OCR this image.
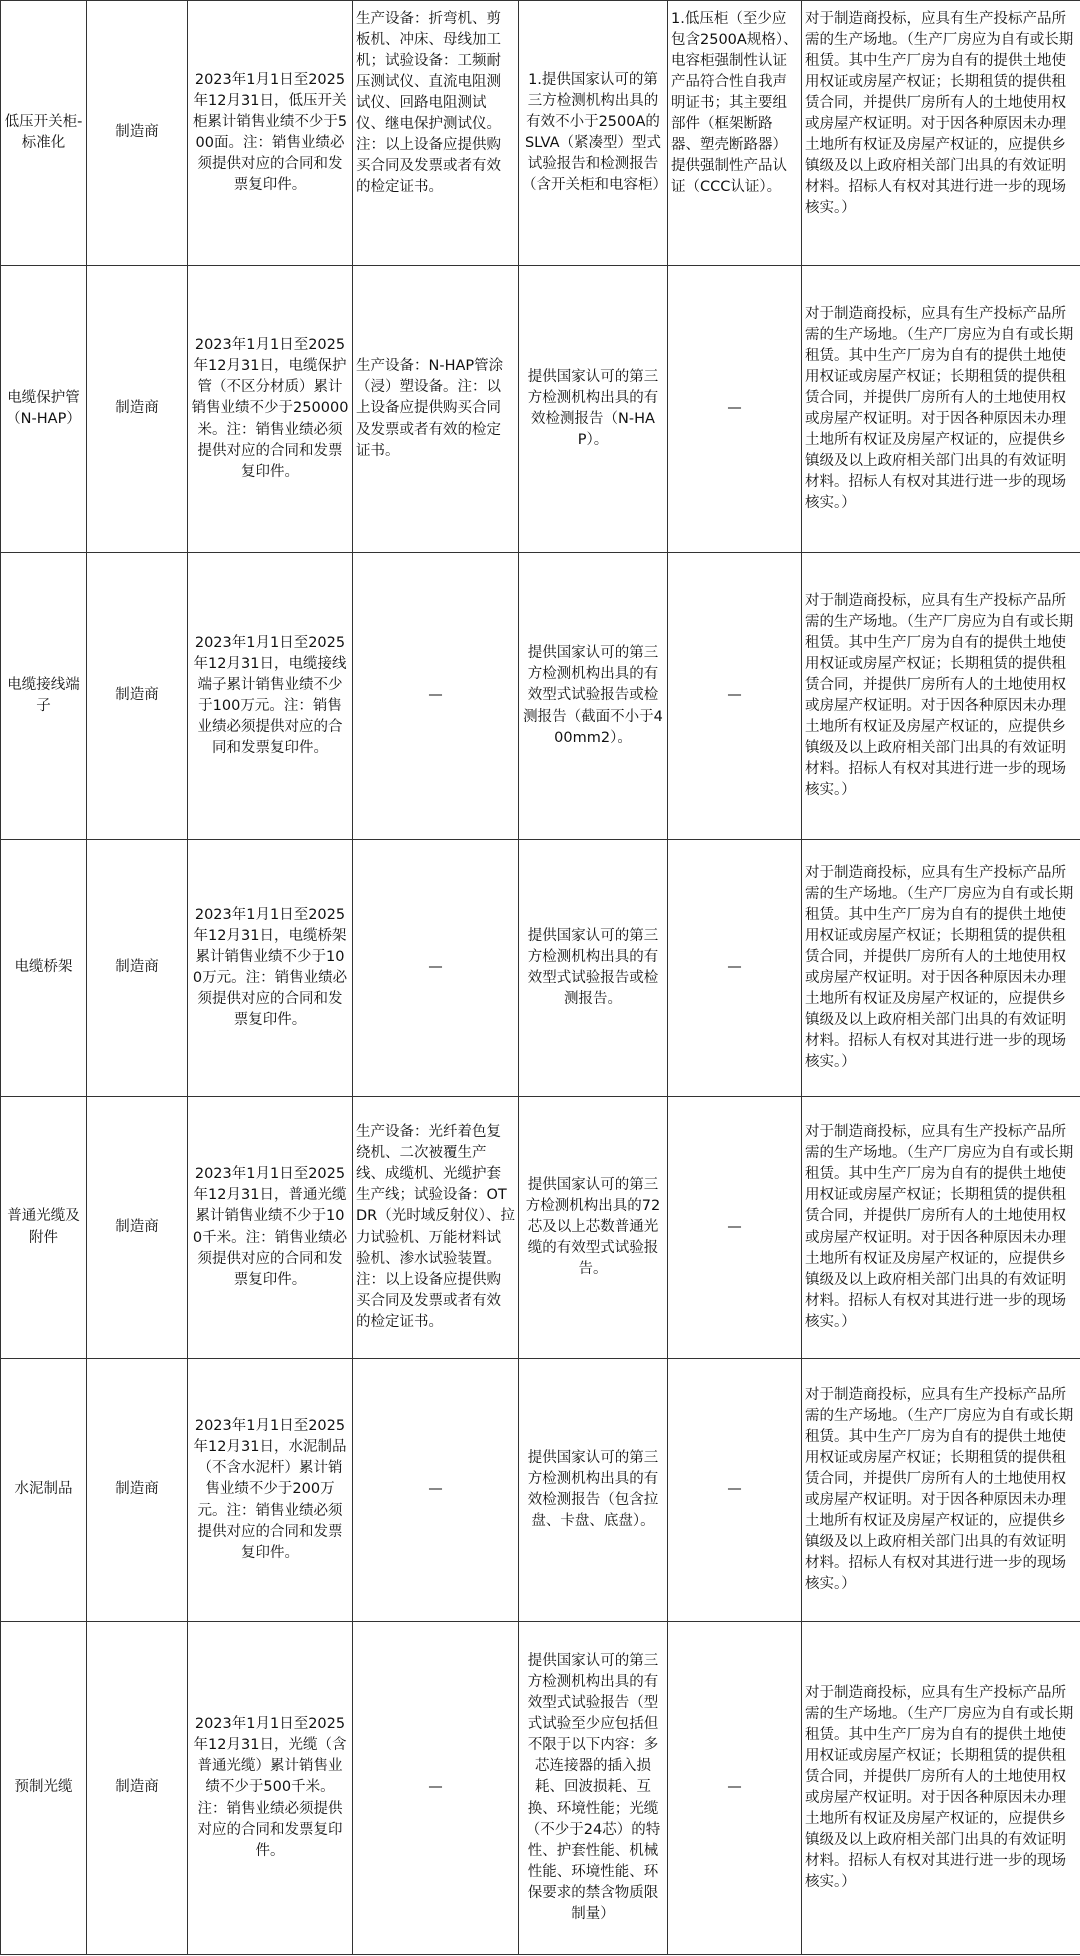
低压开关柜-标准化	制造商	2023年1月1日至2025年12月31日，低压开关柜累计销售业绩不少于500面。注：销售业绩必须提供对应的合同和发票复印件。	生产设备：折弯机、剪板机、冲床、母线加工机；试验设备：工频耐压测试仪、直流电阻测试仪、回路电阻测试仪、继电保护测试仪。注：以上设备应提供购买合同及发票或者有效的检定证书。	1.提供国家认可的第三方检测机构出具的有效不小于2500A的SLVA（紧凑型）型式试验报告和检测报告（含开关柜和电容柜）	1.低压柜（至少应包含2500A规格）、电容柜强制性认证产品符合性自我声明证书；其主要组部件（框架断路器、塑壳断路器）提供强制性产品认证（CCC认证）。	对于制造商投标，应具有生产投标产品所需的生产场地。（生产厂房应为自有或长期租赁。其中生产厂房为自有的提供土地使用权证或房屋产权证；长期租赁的提供租赁合同，并提供厂房所有人的土地使用权或房屋产权证明。对于因各种原因未办理土地所有权证及房屋产权证的，应提供乡镇级及以上政府相关部门出具的有效证明材料。招标人有权对其进行进一步的现场核实。）
电缆保护管（N-HAP）	制造商	2023年1月1日至2025年12月31日，电缆保护管（不区分材质）累计销售业绩不少于250000米。注：销售业绩必须提供对应的合同和发票复印件。	生产设备：N-HAP管涂（浸）塑设备。注：以上设备应提供购买合同及发票或者有效的检定证书。	提供国家认可的第三方检测机构出具的有效检测报告（N-HAP）。	—	对于制造商投标，应具有生产投标产品所需的生产场地。（生产厂房应为自有或长期租赁。其中生产厂房为自有的提供土地使用权证或房屋产权证；长期租赁的提供租赁合同，并提供厂房所有人的土地使用权或房屋产权证明。对于因各种原因未办理土地所有权证及房屋产权证的，应提供乡镇级及以上政府相关部门出具的有效证明材料。招标人有权对其进行进一步的现场核实。）
电缆接线端子	制造商	2023年1月1日至2025年12月31日，电缆接线端子累计销售业绩不少于100万元。注：销售业绩必须提供对应的合同和发票复印件。	—	提供国家认可的第三方检测机构出具的有效型式试验报告或检测报告（截面不小于400mm2）。	—	对于制造商投标，应具有生产投标产品所需的生产场地。（生产厂房应为自有或长期租赁。其中生产厂房为自有的提供土地使用权证或房屋产权证；长期租赁的提供租赁合同，并提供厂房所有人的土地使用权或房屋产权证明。对于因各种原因未办理土地所有权证及房屋产权证的，应提供乡镇级及以上政府相关部门出具的有效证明材料。招标人有权对其进行进一步的现场核实。）
电缆桥架	制造商	2023年1月1日至2025年12月31日，电缆桥架累计销售业绩不少于100万元。注：销售业绩必须提供对应的合同和发票复印件。	—	提供国家认可的第三方检测机构出具的有效型式试验报告或检测报告。	—	对于制造商投标，应具有生产投标产品所需的生产场地。（生产厂房应为自有或长期租赁。其中生产厂房为自有的提供土地使用权证或房屋产权证；长期租赁的提供租赁合同，并提供厂房所有人的土地使用权或房屋产权证明。对于因各种原因未办理土地所有权证及房屋产权证的，应提供乡镇级及以上政府相关部门出具的有效证明材料。招标人有权对其进行进一步的现场核实。）
普通光缆及附件	制造商	2023年1月1日至2025年12月31日，普通光缆累计销售业绩不少于100千米。注：销售业绩必须提供对应的合同和发票复印件。	生产设备：光纤着色复绕机、二次被覆生产线、成缆机、光缆护套生产线；试验设备：OTDR（光时域反射仪）、拉力试验机、万能材料试验机、渗水试验装置。注：以上设备应提供购买合同及发票或者有效的检定证书。	提供国家认可的第三方检测机构出具的72芯及以上芯数普通光缆的有效型式试验报告。	—	对于制造商投标，应具有生产投标产品所需的生产场地。（生产厂房应为自有或长期租赁。其中生产厂房为自有的提供土地使用权证或房屋产权证；长期租赁的提供租赁合同，并提供厂房所有人的土地使用权或房屋产权证明。对于因各种原因未办理土地所有权证及房屋产权证的，应提供乡镇级及以上政府相关部门出具的有效证明材料。招标人有权对其进行进一步的现场核实。）
水泥制品	制造商	2023年1月1日至2025年12月31日，水泥制品（不含水泥杆）累计销售业绩不少于200万元。注：销售业绩必须提供对应的合同和发票复印件。	—	提供国家认可的第三方检测机构出具的有效检测报告（包含拉盘、卡盘、底盘）。	—	对于制造商投标，应具有生产投标产品所需的生产场地。（生产厂房应为自有或长期租赁。其中生产厂房为自有的提供土地使用权证或房屋产权证；长期租赁的提供租赁合同，并提供厂房所有人的土地使用权或房屋产权证明。对于因各种原因未办理土地所有权证及房屋产权证的，应提供乡镇级及以上政府相关部门出具的有效证明材料。招标人有权对其进行进一步的现场核实。）
预制光缆	制造商	2023年1月1日至2025年12月31日，光缆（含普通光缆）累计销售业绩不少于500千米。注：销售业绩必须提供对应的合同和发票复印件。	—	提供国家认可的第三方检测机构出具的有效型式试验报告（型式试验至少应包括但不限于以下内容：多芯连接器的插入损耗、回波损耗、互换、环境性能；光缆（不少于24芯）的特性、护套性能、机械性能、环境性能、环保要求的禁含物质限制量）	—	对于制造商投标，应具有生产投标产品所需的生产场地。（生产厂房应为自有或长期租赁。其中生产厂房为自有的提供土地使用权证或房屋产权证；长期租赁的提供租赁合同，并提供厂房所有人的土地使用权或房屋产权证明。对于因各种原因未办理土地所有权证及房屋产权证的，应提供乡镇级及以上政府相关部门出具的有效证明材料。招标人有权对其进行进一步的现场核实。）
